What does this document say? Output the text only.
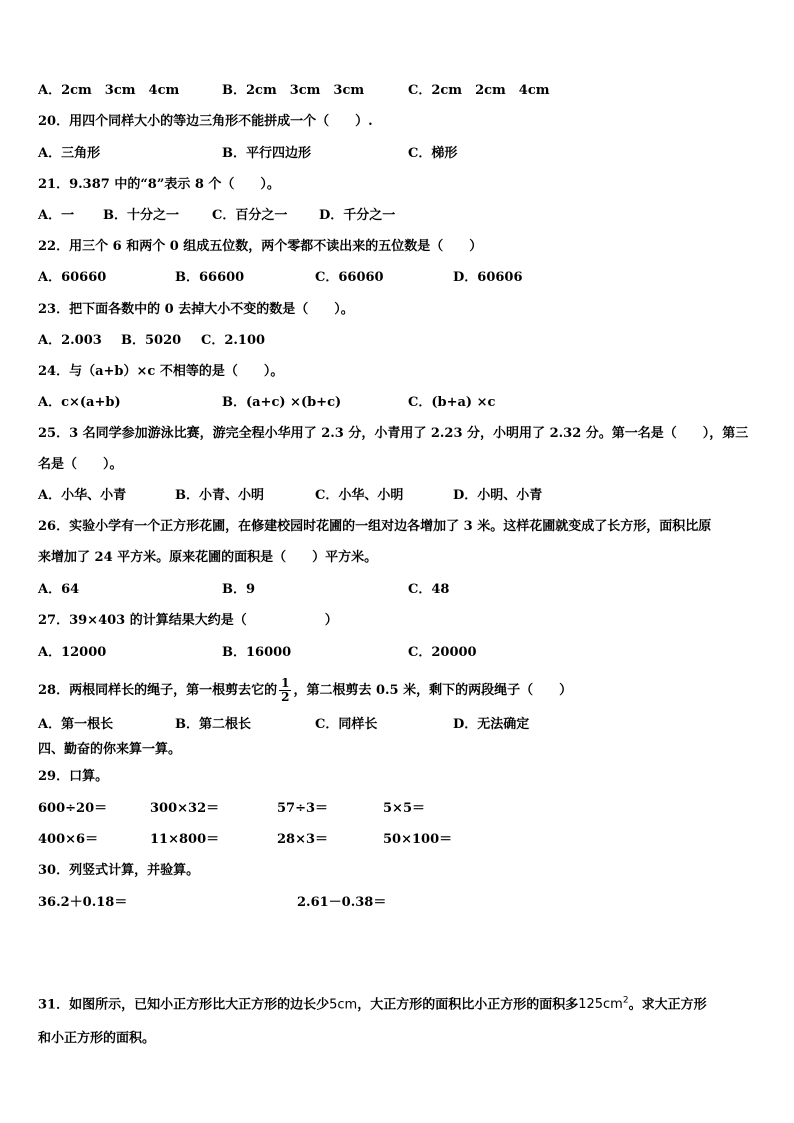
A．2cm　3cm　4cm	B．2cm　3cm　3cm	C．2cm　2cm　4cm
20．用四个同样大小的等边三角形不能拼成一个（　　）.
A．三角形	B．平行四边形	C．梯形
21．9.387 中的“8”表示 8 个（　　）。
A．一 B．十分之一	C．百分之一 D．千分之一
22．用三个 6 和两个 0 组成五位数，两个零都不读出来的五位数是（　　）
A．60660	B．66600	C．66060	D．60606
23．把下面各数中的 0 去掉大小不变的数是（　　）。
A．2.003 B．5020 C．2.100
24．与（a+b）×c 不相等的是（　　）。
A．c×(a+b)	B．(a+c) ×(b+c)	C．(b+a) ×c
25．3 名同学参加游泳比赛，游完全程小华用了 2.3 分，小青用了 2.23 分，小明用了 2.32 分。第一名是（　　），第三
名是（　　）。
A．小华、小青	B．小青、小明	C．小华、小明	D．小明、小青
26．实验小学有一个正方形花圃，在修建校园时花圃的一组对边各增加了 3 米。这样花圃就变成了长方形，面积比原
来增加了 24 平方米。原来花圃的面积是（　　）平方米。
A．64	B．9	C．48
27．39×403 的计算结果大约是（　　　　　　）
A．12000	B．16000	C．20000
28．两根同样长的绳子，第一根剪去它的 $\frac{1}{2}$ ，第二根剪去 0.5 米，剩下的两段绳子（　　）
A．第一根长	B．第二根长	C．同样长	D．无法确定
四、勤奋的你来算一算。
29．口算。
600÷20＝	300×32＝	57÷3＝	5×5＝
400×6＝	11×800＝	28×3＝	50×100＝
30．列竖式计算，并验算。
36.2＋0.18＝	2.61－0.38＝
31．如图所示，已知小正方形比大正方形的边长少5cm，大正方形的面积比小正方形的面积多$125cm^2$。求大正方形
和小正方形的面积。
